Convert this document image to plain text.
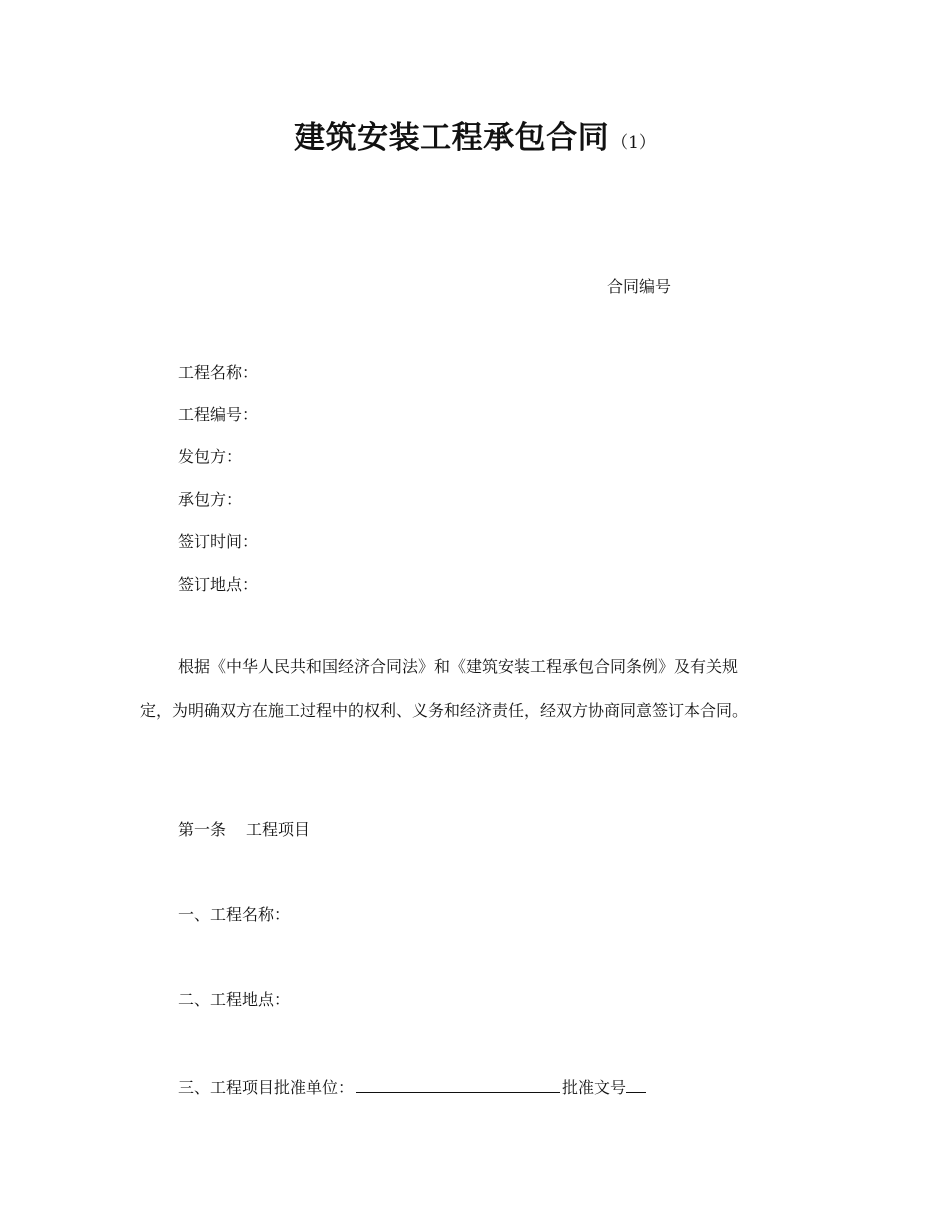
建筑安装工程承包合同 （1）
合同编号
工程名称：
工程编号：
发包方：
承包方：
签订时间：
签订地点：
根据《中华人民共和国经济合同法》和《建筑安装工程承包合同条例》及有关规
定，为明确双方在施工过程中的权利、义务和经济责任，经双方协商同意签订本合同。
第一条 工程项目
一、工程名称：
二、工程地点：
三、工程项目批准单位：	批准文号
